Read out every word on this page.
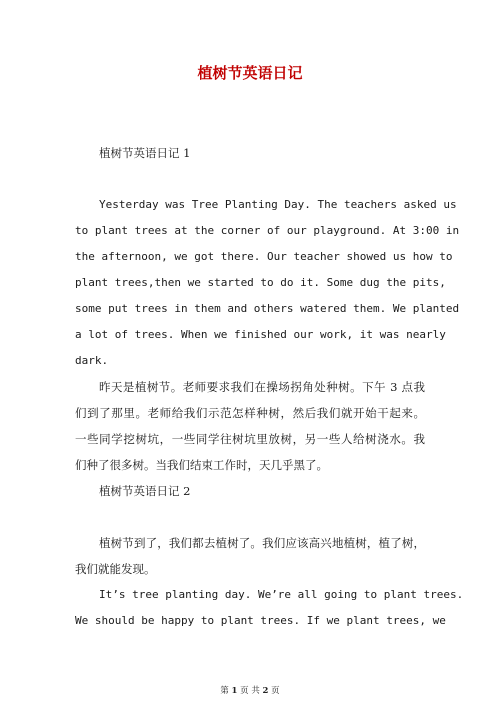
植树节英语日记
植树节英语日记 1
Yesterday was Tree Planting Day. The teachers asked us
to plant trees at the corner of our playground. At 3:00 in
the afternoon, we got there. Our teacher showed us how to
plant trees,then we started to do it. Some dug the pits,
some put trees in them and others watered them. We planted
a lot of trees. When we finished our work, it was nearly
dark.
昨天是植树节。老师要求我们在操场拐角处种树。下午 3 点我
们到了那里。老师给我们示范怎样种树，然后我们就开始干起来。
一些同学挖树坑，一些同学往树坑里放树，另一些人给树浇水。我
们种了很多树。当我们结束工作时，天几乎黑了。
植树节英语日记 2
植树节到了，我们都去植树了。我们应该高兴地植树，植了树，
我们就能发现。
It’s tree planting day. We’re all going to plant trees.
We should be happy to plant trees. If we plant trees, we
第 1 页 共 2 页
